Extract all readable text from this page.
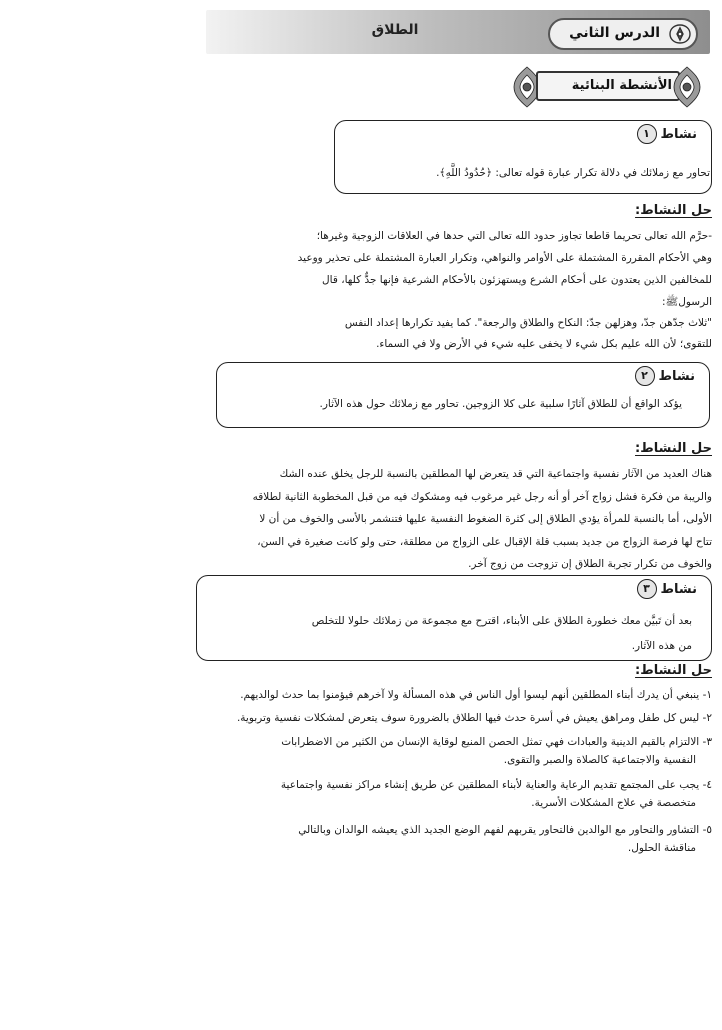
الطلاق	الدرس الثاني
الأنشطة البنائية
نشاط
١
تحاور مع زملائك في دلالة تكرار عبارة قوله تعالى: ﴿حُدُودُ اللَّهِ﴾.
حل النشاط:
-حرَّم الله تعالى تحريما قاطعا تجاوز حدود الله تعالى التي حدها في العلاقات الزوجية وغيرها؛
وهي الأحكام المقررة المشتملة على الأوامر والنواهي، وتكرار العبارة المشتملة على تحذير ووعيد
للمخالفين الذين يعتدون على أحكام الشرع ويستهزئون بالأحكام الشرعية فإنها جدٌّ كلها، قال
الرسولﷺ:
"ثلاث جدّهن جدّ، وهزلهن جدّ: النكاح والطلاق والرجعة". كما يفيد تكرارها إعداد النفس
للتقوى؛ لأن الله عليم بكل شيء لا يخفى عليه شيء في الأرض ولا في السماء.
نشاط
٢
يؤكد الواقع أن للطلاق آثارًا سلبية على كلا الزوجين. تحاور مع زملائك حول هذه الآثار.
حل النشاط:
هناك العديد من الآثار نفسية واجتماعية التي قد يتعرض لها المطلقين بالنسبة للرجل يخلق عنده الشك
والريبة من فكرة فشل زواج آخر أو أنه رجل غير مرغوب فيه ومشكوك فيه من قبل المخطوبة الثانية لطلاقه
الأولى، أما بالنسبة للمرأة يؤدي الطلاق إلى كثرة الضغوط النفسية عليها فتنشمر بالأسى والخوف من أن لا
تتاح لها فرصة الزواج من جديد بسبب قلة الإقبال على الزواج من مطلقة، حتى ولو كانت صغيرة في السن،
والخوف من تكرار تجربة الطلاق إن تزوجت من زوج آخر.
نشاط
٣
بعد أن تَبيَّن معك خطورة الطلاق على الأبناء، اقترح مع مجموعة من زملائك حلولا للتخلص
من هذه الآثار.
حل النشاط:
١- ينبغي أن يدرك أبناء المطلقين أنهم ليسوا أول الناس في هذه المسألة ولا آخرهم فيؤمنوا بما حدث لوالديهم.
٢- ليس كل طفل ومراهق يعيش في أسرة حدث فيها الطلاق بالضرورة سوف يتعرض لمشكلات نفسية وتربوية.
٣- الالتزام بالقيم الدينية والعبادات فهي تمثل الحصن المنيع لوقاية الإنسان من الكثير من الاضطرابات
النفسية والاجتماعية كالصلاة والصبر والتقوى.
٤- يجب على المجتمع تقديم الرعاية والعناية لأبناء المطلقين عن طريق إنشاء مراكز نفسية واجتماعية
متخصصة في علاج المشكلات الأسرية.
٥- التشاور والتحاور مع الوالدين فالتحاور يقربهم لفهم الوضع الجديد الذي يعيشه الوالدان وبالتالي
مناقشة الحلول.
